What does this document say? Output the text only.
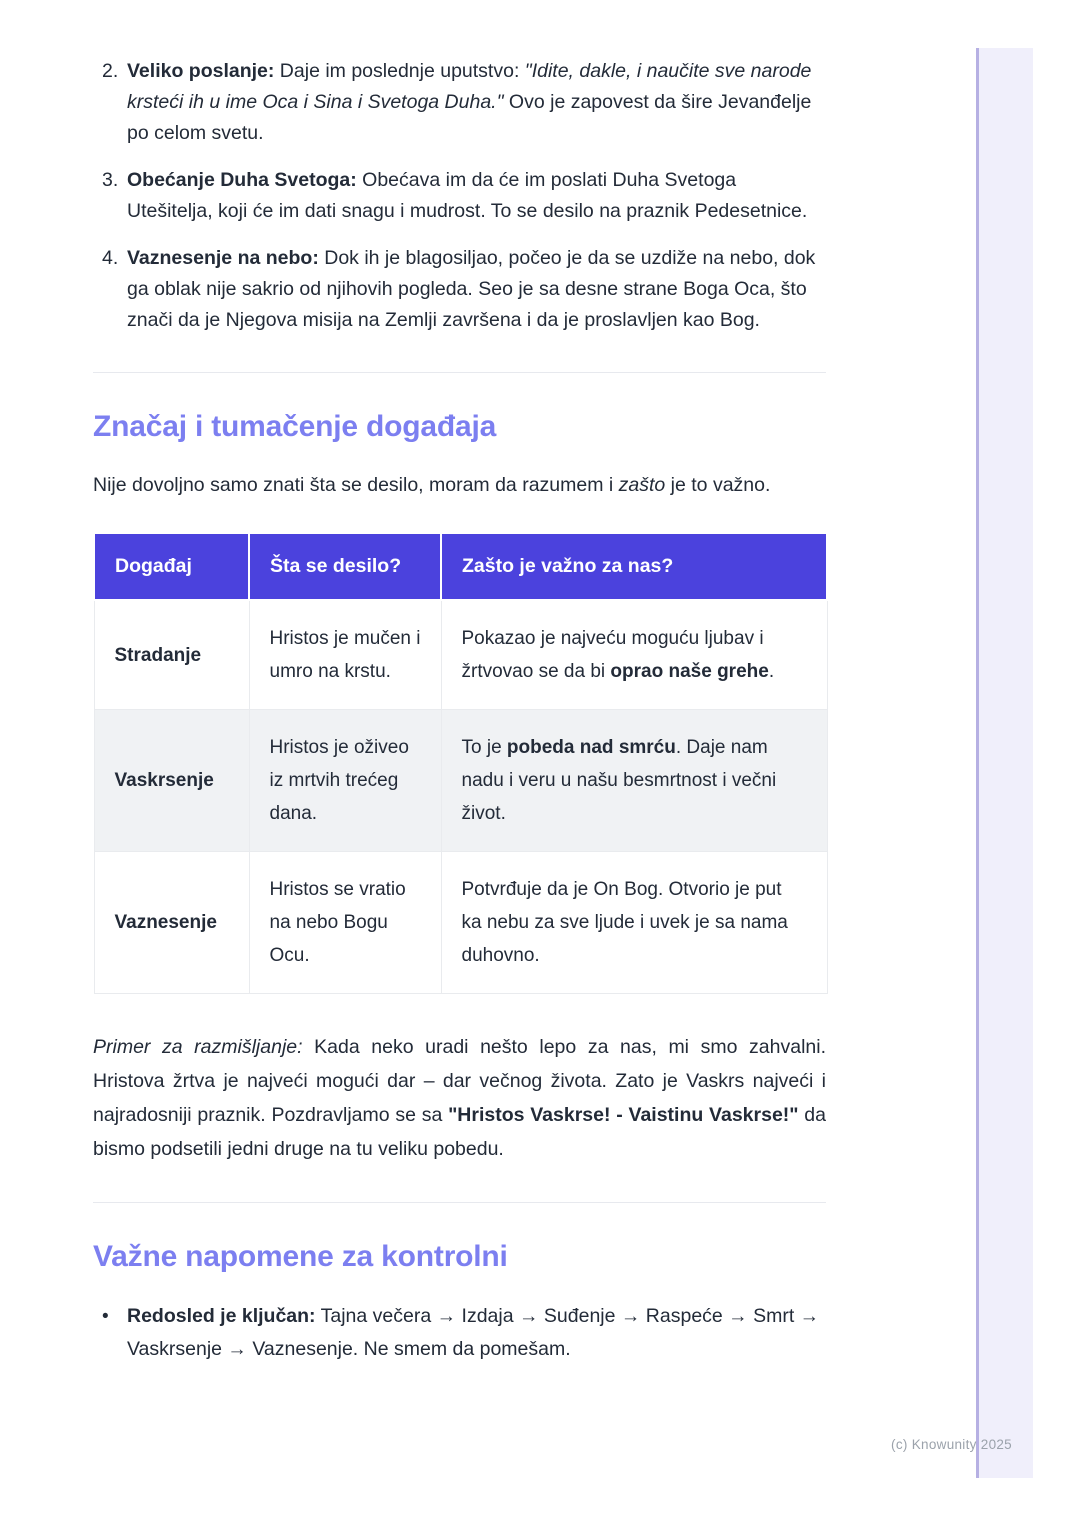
2. Veliko poslanje: Daje im poslednje uputstvo: "Idite, dakle, i naučite sve narode krsteći ih u ime Oca i Sina i Svetoga Duha." Ovo je zapovest da šire Jevanđelje po celom svetu.
3. Obećanje Duha Svetoga: Obećava im da će im poslati Duha Svetoga Utešitelja, koji će im dati snagu i mudrost. To se desilo na praznik Pedesetnice.
4. Vaznesenje na nebo: Dok ih je blagosiljao, počeo je da se uzdiže na nebo, dok ga oblak nije sakrio od njihovih pogleda. Seo je sa desne strane Boga Oca, što znači da je Njegova misija na Zemlji završena i da je proslavljen kao Bog.
Značaj i tumačenje događaja

Nije dovoljno samo znati šta se desilo, moram da razumem i zašto je to važno.

Događaj	Šta se desilo?	Zašto je važno za nas?
Stradanje	Hristos je mučen i umro na krstu.	Pokazao je najveću moguću ljubav i žrtvovao se da bi oprao naše grehe.
Vaskrsenje	Hristos je oživeo iz mrtvih trećeg dana.	To je pobeda nad smrću. Daje nam nadu i veru u našu besmrtnost i večni život.
Vaznesenje	Hristos se vratio na nebo Bogu Ocu.	Potvrđuje da je On Bog. Otvorio je put ka nebu za sve ljude i uvek je sa nama duhovno.

Primer za razmišljanje: Kada neko uradi nešto lepo za nas, mi smo zahvalni. Hristova žrtva je najveći mogući dar – dar večnog života. Zato je Vaskrs najveći i najradosniji praznik. Pozdravljamo se sa "Hristos Vaskrse! - Vaistinu Vaskrse!" da bismo podsetili jedni druge na tu veliku pobedu.

Važne napomene za kontrolni
• Redosled je ključan: Tajna večera → Izdaja → Suđenje → Raspeće → Smrt → Vaskrsenje → Vaznesenje. Ne smem da pomešam.
(c) Knowunity 2025
